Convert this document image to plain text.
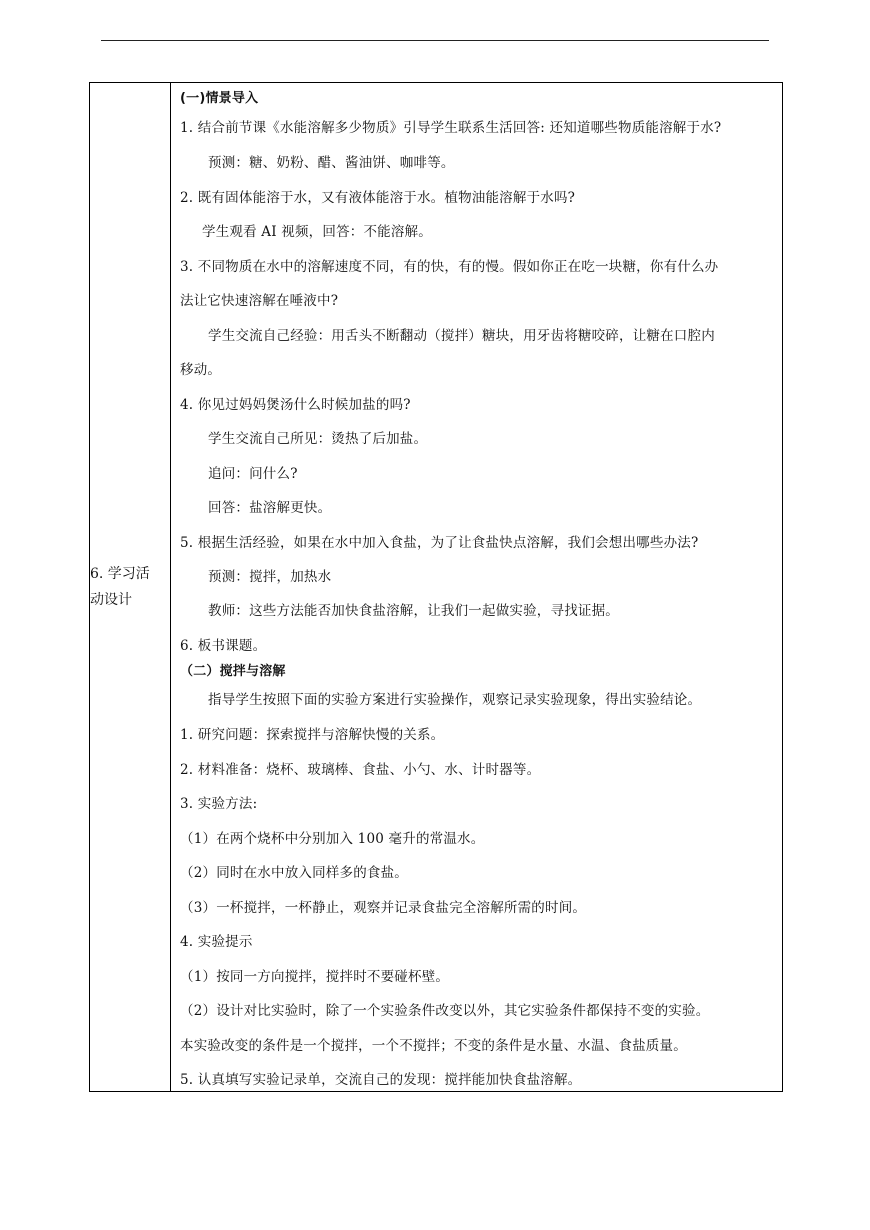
6. 学习活
动设计

(一)情景导入
1. 结合前节课《水能溶解多少物质》引导学生联系生活回答: 还知道哪些物质能溶解于水?
预测：糖、奶粉、醋、酱油饼、咖啡等。
2. 既有固体能溶于水，又有液体能溶于水。植物油能溶解于水吗?
学生观看 AI 视频，回答：不能溶解。
3. 不同物质在水中的溶解速度不同，有的快，有的慢。假如你正在吃一块糖，你有什么办
法让它快速溶解在唾液中?
学生交流自己经验：用舌头不断翻动（搅拌）糖块，用牙齿将糖咬碎，让糖在口腔内
移动。
4. 你见过妈妈煲汤什么时候加盐的吗?
学生交流自己所见：烫热了后加盐。
追问：问什么?
回答：盐溶解更快。
5. 根据生活经验，如果在水中加入食盐，为了让食盐快点溶解，我们会想出哪些办法?
预测：搅拌，加热水
教师：这些方法能否加快食盐溶解，让我们一起做实验，寻找证据。
6. 板书课题。
（二）搅拌与溶解
指导学生按照下面的实验方案进行实验操作，观察记录实验现象，得出实验结论。
1. 研究问题：探索搅拌与溶解快慢的关系。
2. 材料准备：烧杯、玻璃棒、食盐、小勺、水、计时器等。
3. 实验方法:
（1）在两个烧杯中分别加入 100 毫升的常温水。
（2）同时在水中放入同样多的食盐。
（3）一杯搅拌，一杯静止，观察并记录食盐完全溶解所需的时间。
4. 实验提示
（1）按同一方向搅拌，搅拌时不要碰杯壁。
（2）设计对比实验时，除了一个实验条件改变以外，其它实验条件都保持不变的实验。
本实验改变的条件是一个搅拌，一个不搅拌；不变的条件是水量、水温、食盐质量。
5. 认真填写实验记录单，交流自己的发现：搅拌能加快食盐溶解。
